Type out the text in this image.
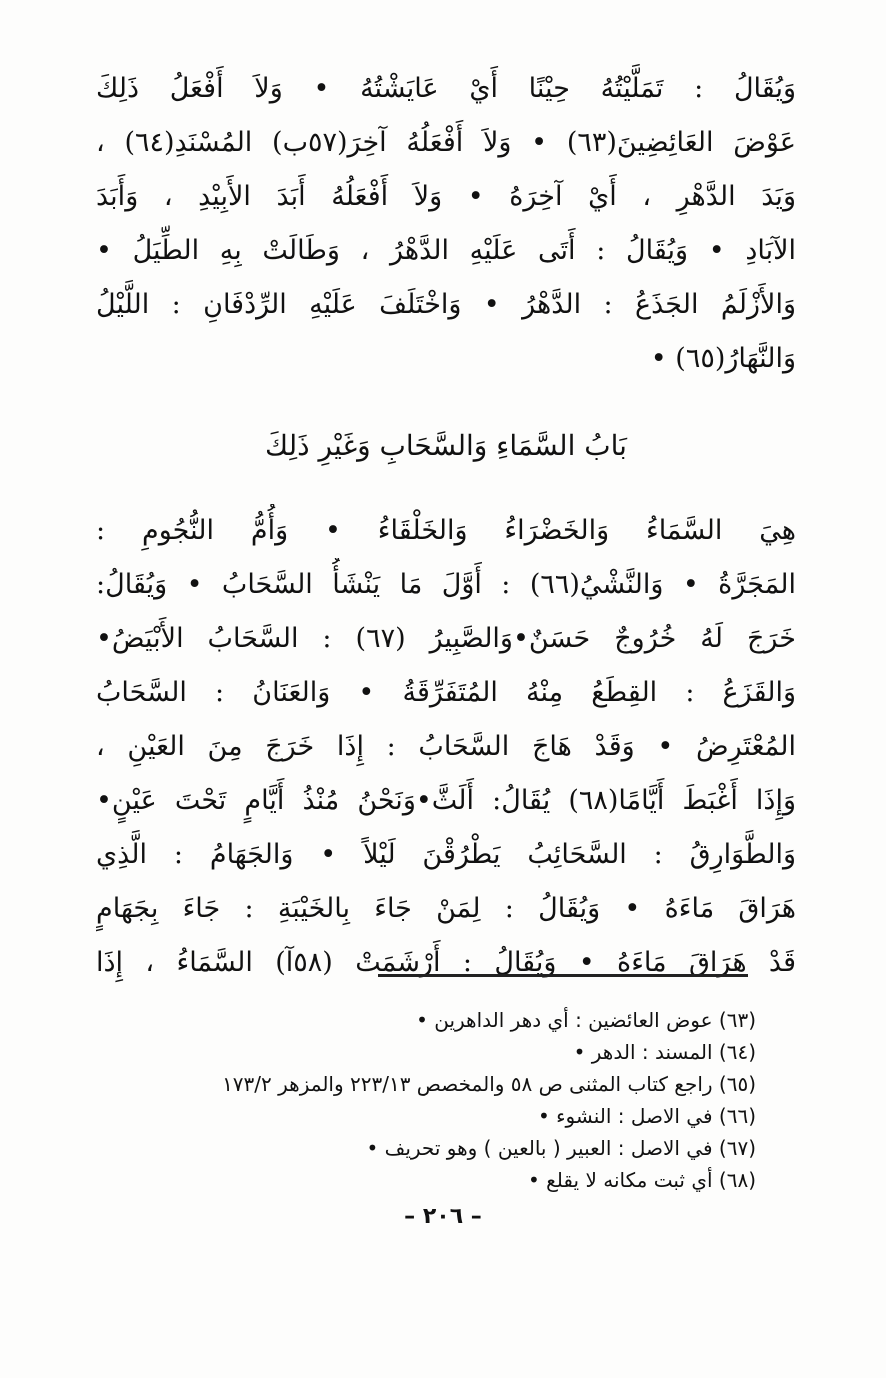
وَيُقَالُ : تَمَلَّيْتُهُ حِيْنًا أَيْ عَايَشْتُهُ • وَلاَ أَفْعَلُ ذَلِكَ
عَوْضَ العَائِضِينَ(٦٣) • وَلاَ أَفْعَلُهُ آخِرَ(٥٧ب) المُسْنَدِ(٦٤) ،
وَيَدَ الدَّهْرِ ، أَيْ آخِرَهُ • وَلاَ أَفْعَلُهُ أَبَدَ الأَبِيْدِ ، وَأَبَدَ
الآبَادِ • وَيُقَالُ : أَتَى عَلَيْهِ الدَّهْرُ ، وَطَالَتْ بِهِ الطِّيَلُ •
وَالأَزْلَمُ الجَذَعُ : الدَّهْرُ • وَاخْتَلَفَ عَلَيْهِ الرِّدْفَانِ : اللَّيْلُ
وَالنَّهَارُ(٦٥) •
بَابُ السَّمَاءِ وَالسَّحَابِ وَغَيْرِ ذَلِكَ
هِيَ السَّمَاءُ وَالخَضْرَاءُ وَالخَلْقَاءُ • وَأُمُّ النُّجُومِ :
المَجَرَّةُ • وَالنَّشْيُ(٦٦) : أَوَّلَ مَا يَنْشَأُ السَّحَابُ • وَيُقَالُ:
خَرَجَ لَهُ خُرُوجٌ حَسَنٌ•وَالصَّبِيرُ (٦٧) : السَّحَابُ الأَبْيَضُ•
وَالقَزَعُ : القِطَعُ مِنْهُ المُتَفَرِّقَةُ • وَالعَنَانُ : السَّحَابُ
المُعْتَرِضُ • وَقَدْ هَاجَ السَّحَابُ : إِذَا خَرَجَ مِنَ العَيْنِ ،
وَإِذَا أَغْبَطَ أَيَّامًا(٦٨) يُقَالُ: أَلَثَّ•وَنَحْنُ مُنْذُ أَيَّامٍ تَحْتَ عَيْنٍ•
وَالطَّوَارِقُ : السَّحَائِبُ يَطْرُقْنَ لَيْلاً • وَالجَهَامُ : الَّذِي
هَرَاقَ مَاءَهُ • وَيُقَالُ : لِمَنْ جَاءَ بِالخَيْبَةِ : جَاءَ بِجَهَامٍ
قَدْ هَرَاقَ مَاءَهُ • وَيُقَالُ : أَرْشَمَتْ (٥٨آ) السَّمَاءُ ، إِذَا
(٦٣) عوض العائضين : أي دهر الداهرين •
(٦٤) المسند : الدهر •
(٦٥) راجع كتاب المثنى ص ٥٨ والمخصص ٢٢٣/١٣ والمزهر ١٧٣/٢
(٦٦) في الاصل : النشوء •
(٦٧) في الاصل : العبير ( بالعين ) وهو تحريف •
(٦٨) أي ثبت مكانه لا يقلع •
– ٢٠٦ –
